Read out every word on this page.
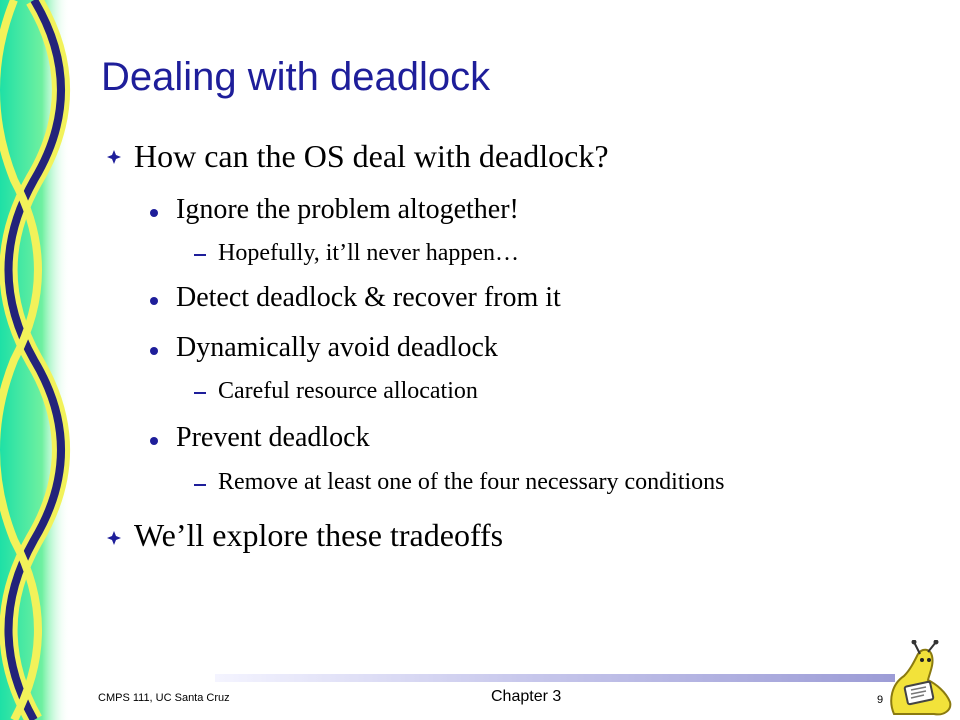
Dealing with deadlock
How can the OS deal with deadlock?
Ignore the problem altogether!
Hopefully, it’ll never happen…
Detect deadlock & recover from it
Dynamically avoid deadlock
Careful resource allocation
Prevent deadlock
Remove at least one of the four necessary conditions
We’ll explore these tradeoffs
CMPS 111, UC Santa Cruz	Chapter 3	9
